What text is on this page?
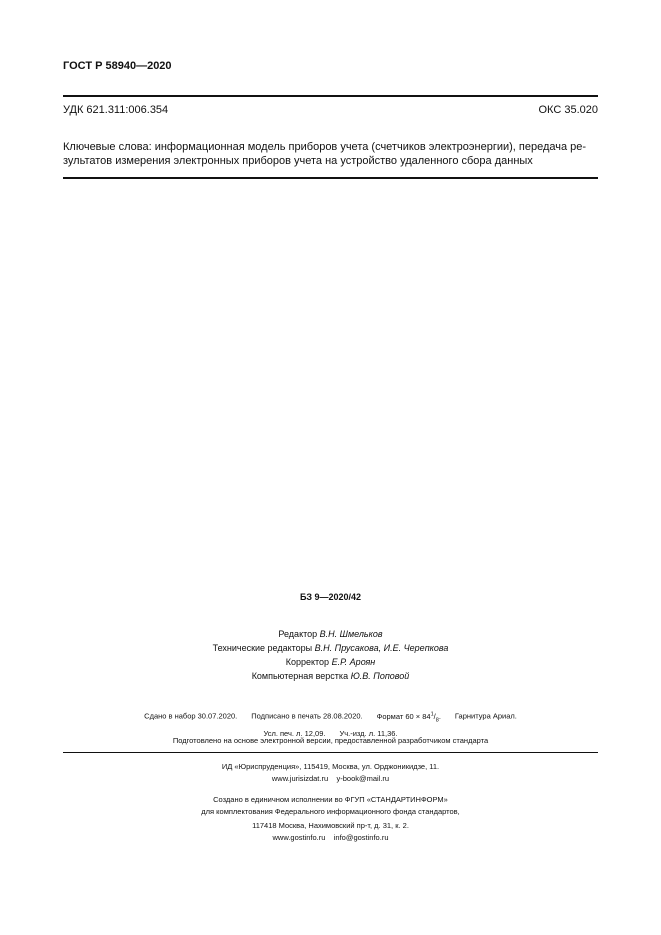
ГОСТ Р 58940—2020
УДК 621.311:006.354	ОКС 35.020
Ключевые слова: информационная модель приборов учета (счетчиков электроэнергии), передача ре-
зультатов измерения электронных приборов учета на устройство удаленного сбора данных
БЗ 9—2020/42
Редактор В.Н. Шмельков
Технические редакторы В.Н. Прусакова, И.Е. Черепкова
Корректор Е.Р. Ароян
Компьютерная верстка Ю.В. Поповой
Сдано в набор 30.07.2020. Подписано в печать 28.08.2020. Формат $60 \times 84^1/_8$. Гарнитура Ариал.
Усл. печ. л. 12,09. Уч.-изд. л. 11,36.
Подготовлено на основе электронной версии, предоставленной разработчиком стандарта
ИД «Юриспруденция», 115419, Москва, ул. Орджоникидзе, 11.
www.jurisizdat.ru    y-book@mail.ru
Создано в единичном исполнении во ФГУП «СТАНДАРТИНФОРМ»
для комплектования Федерального информационного фонда стандартов,
117418 Москва, Нахимовский пр-т, д. 31, к. 2.
www.gostinfo.ru    info@gostinfo.ru
